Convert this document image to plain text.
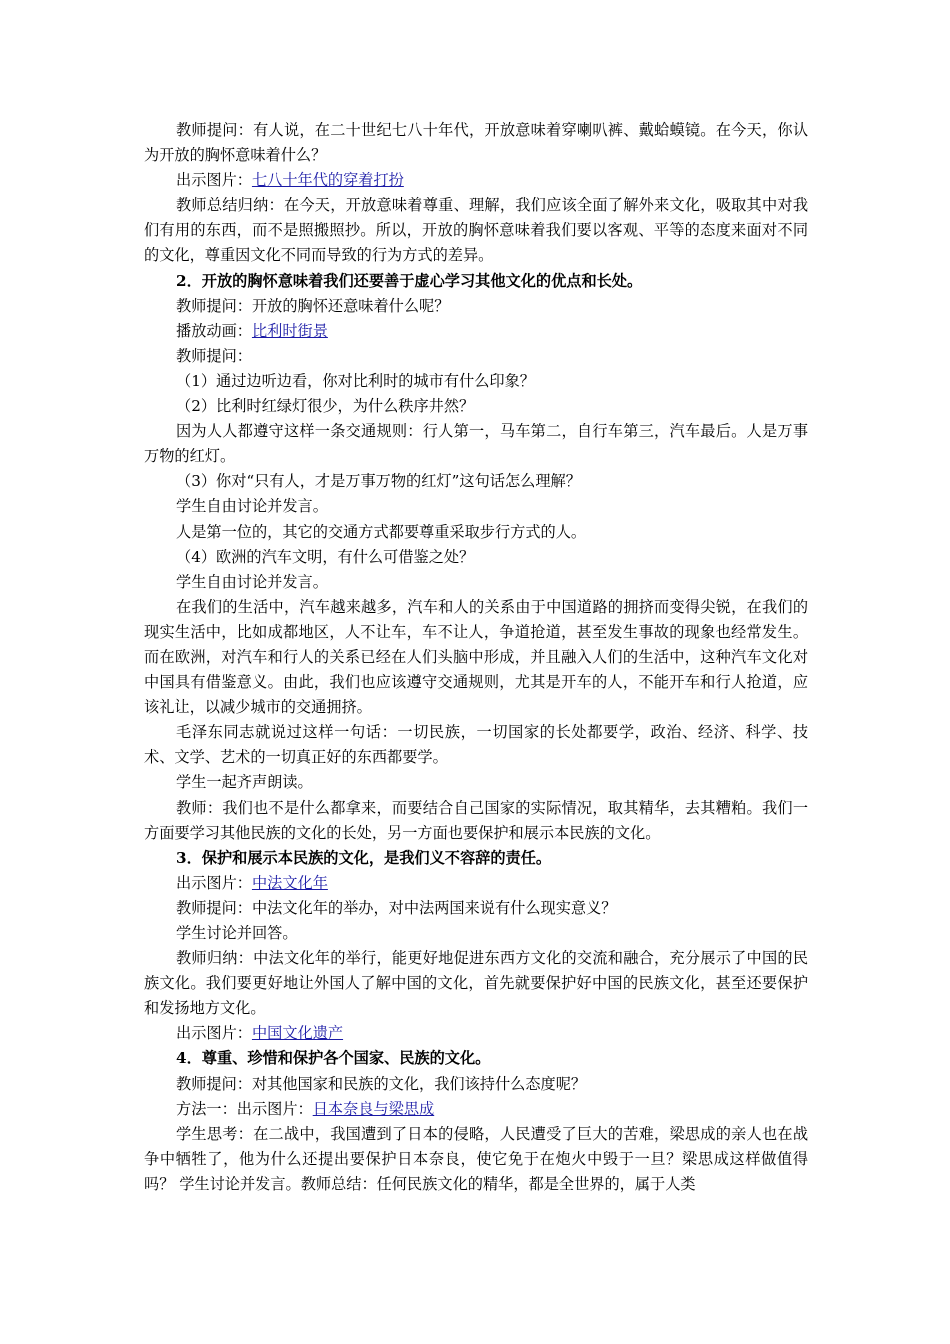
教师提问：有人说，在二十世纪七八十年代，开放意味着穿喇叭裤、戴蛤蟆镜。在今天，你认为开放的胸怀意味着什么？

出示图片：七八十年代的穿着打扮

教师总结归纳：在今天，开放意味着尊重、理解，我们应该全面了解外来文化，吸取其中对我们有用的东西，而不是照搬照抄。所以，开放的胸怀意味着我们要以客观、平等的态度来面对不同的文化，尊重因文化不同而导致的行为方式的差异。

2．开放的胸怀意味着我们还要善于虚心学习其他文化的优点和长处。

教师提问：开放的胸怀还意味着什么呢？

播放动画：比利时街景

教师提问：

（1）通过边听边看，你对比利时的城市有什么印象？

（2）比利时红绿灯很少，为什么秩序井然？

因为人人都遵守这样一条交通规则：行人第一，马车第二，自行车第三，汽车最后。人是万事万物的红灯。

（3）你对“只有人，才是万事万物的红灯”这句话怎么理解？

学生自由讨论并发言。

人是第一位的，其它的交通方式都要尊重采取步行方式的人。

（4）欧洲的汽车文明，有什么可借鉴之处？

学生自由讨论并发言。

在我们的生活中，汽车越来越多，汽车和人的关系由于中国道路的拥挤而变得尖锐，在我们的现实生活中，比如成都地区，人不让车，车不让人，争道抢道，甚至发生事故的现象也经常发生。而在欧洲，对汽车和行人的关系已经在人们头脑中形成，并且融入人们的生活中，这种汽车文化对中国具有借鉴意义。由此，我们也应该遵守交通规则，尤其是开车的人，不能开车和行人抢道，应该礼让，以减少城市的交通拥挤。

毛泽东同志就说过这样一句话：一切民族，一切国家的长处都要学，政治、经济、科学、技术、文学、艺术的一切真正好的东西都要学。

学生一起齐声朗读。

教师：我们也不是什么都拿来，而要结合自己国家的实际情况，取其精华，去其糟粕。我们一方面要学习其他民族的文化的长处，另一方面也要保护和展示本民族的文化。

3．保护和展示本民族的文化，是我们义不容辞的责任。

出示图片：中法文化年

教师提问：中法文化年的举办，对中法两国来说有什么现实意义？

学生讨论并回答。

教师归纳：中法文化年的举行，能更好地促进东西方文化的交流和融合，充分展示了中国的民族文化。我们要更好地让外国人了解中国的文化，首先就要保护好中国的民族文化，甚至还要保护和发扬地方文化。

出示图片：中国文化遗产

4．尊重、珍惜和保护各个国家、民族的文化。

教师提问：对其他国家和民族的文化，我们该持什么态度呢？

方法一：出示图片：日本奈良与梁思成

学生思考：在二战中，我国遭到了日本的侵略，人民遭受了巨大的苦难，梁思成的亲人也在战争中牺牲了，他为什么还提出要保护日本奈良，使它免于在炮火中毁于一旦？梁思成这样做值得吗？ 学生讨论并发言。教师总结：任何民族文化的精华，都是全世界的，属于人类
